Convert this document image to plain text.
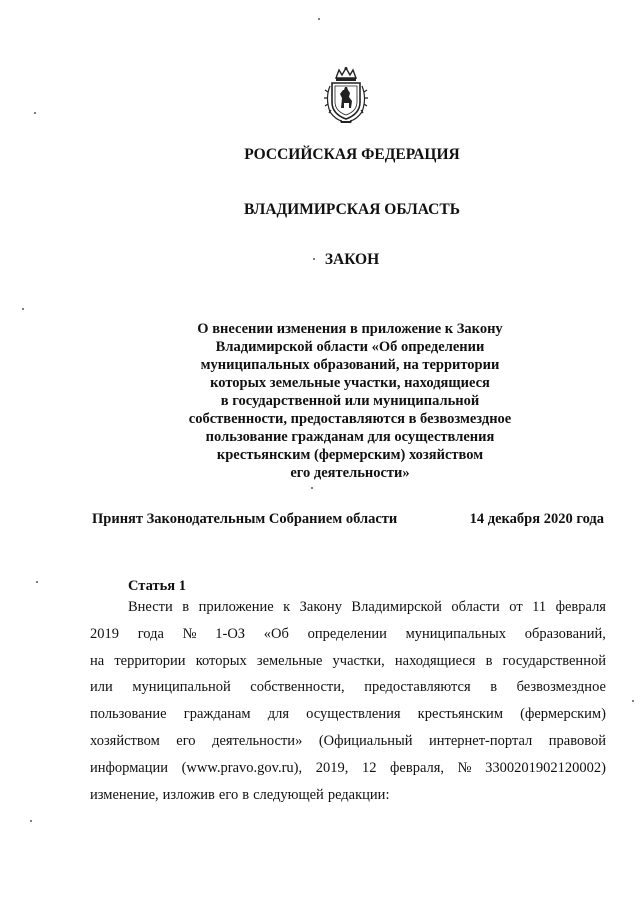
РОССИЙСКАЯ ФЕДЕРАЦИЯ
ВЛАДИМИРСКАЯ ОБЛАСТЬ
ЗАКОН
О внесении изменения в приложение к Закону
Владимирской области «Об определении
муниципальных образований, на территории
которых земельные участки, находящиеся
в государственной или муниципальной
собственности, предоставляются в безвозмездное
пользование гражданам для осуществления
крестьянским (фермерским) хозяйством
его деятельности»
Принят Законодательным Собранием области	14 декабря 2020 года
Статья 1
Внести в приложение к Закону Владимирской области от 11 февраля
2019 года № 1-ОЗ «Об определении муниципальных образований,
на территории которых земельные участки, находящиеся в государственной
или муниципальной собственности, предоставляются в безвозмездное
пользование гражданам для осуществления крестьянским (фермерским)
хозяйством его деятельности» (Официальный интернет-портал правовой
информации (www.pravo.gov.ru), 2019, 12 февраля, № 3300201902120002)
изменение, изложив его в следующей редакции:
